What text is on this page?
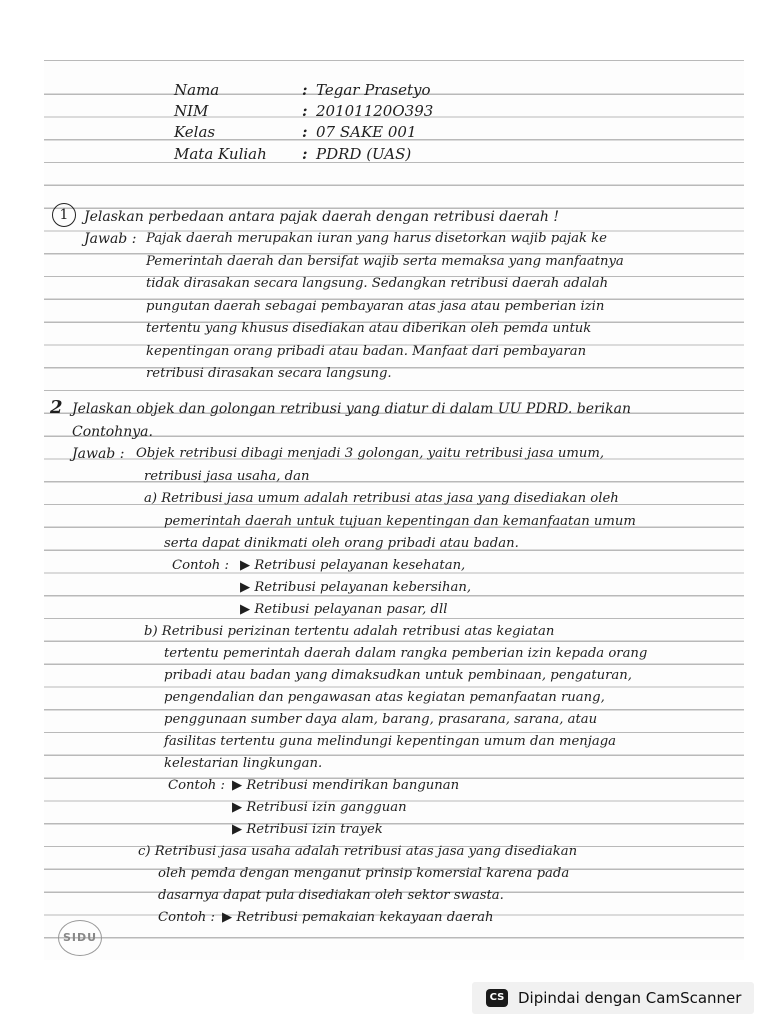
Nama	: Tegar Prasetyo
NIM	: 20101120O393
Kelas	: 07 SAKE 001
Mata Kuliah : PDRD (UAS)
1	Jelaskan perbedaan antara pajak daerah dengan retribusi daerah !
Jawab : Pajak daerah merupakan iuran yang harus disetorkan wajib pajak ke
Pemerintah daerah dan bersifat wajib serta memaksa yang manfaatnya
tidak dirasakan secara langsung. Sedangkan retribusi daerah adalah
pungutan daerah sebagai pembayaran atas jasa atau pemberian izin
tertentu yang khusus disediakan atau diberikan oleh pemda untuk
kepentingan orang pribadi atau badan. Manfaat dari pembayaran
retribusi dirasakan secara langsung.
2 Jelaskan objek dan golongan retribusi yang diatur di dalam UU PDRD. berikan
Contohnya.
Jawab : Objek retribusi dibagi menjadi 3 golongan, yaitu retribusi jasa umum,
retribusi jasa usaha, dan
a) Retribusi jasa umum adalah retribusi atas jasa yang disediakan oleh
pemerintah daerah untuk tujuan kepentingan dan kemanfaatan umum
serta dapat dinikmati oleh orang pribadi atau badan.
Contoh : ▶ Retribusi pelayanan kesehatan,
▶ Retribusi pelayanan kebersihan,
▶ Retibusi pelayanan pasar, dll
b) Retribusi perizinan tertentu adalah retribusi atas kegiatan
tertentu pemerintah daerah dalam rangka pemberian izin kepada orang
pribadi atau badan yang dimaksudkan untuk pembinaan, pengaturan,
pengendalian dan pengawasan atas kegiatan pemanfaatan ruang,
penggunaan sumber daya alam, barang, prasarana, sarana, atau
fasilitas tertentu guna melindungi kepentingan umum dan menjaga
kelestarian lingkungan.
Contoh : ▶ Retribusi mendirikan bangunan
▶ Retribusi izin gangguan
▶ Retribusi izin trayek
c) Retribusi jasa usaha adalah retribusi atas jasa yang disediakan
oleh pemda dengan menganut prinsip komersial karena pada
dasarnya dapat pula disediakan oleh sektor swasta.
Contoh : ▶ Retribusi pemakaian kekayaan daerah
SIDU
CS Dipindai dengan CamScanner
